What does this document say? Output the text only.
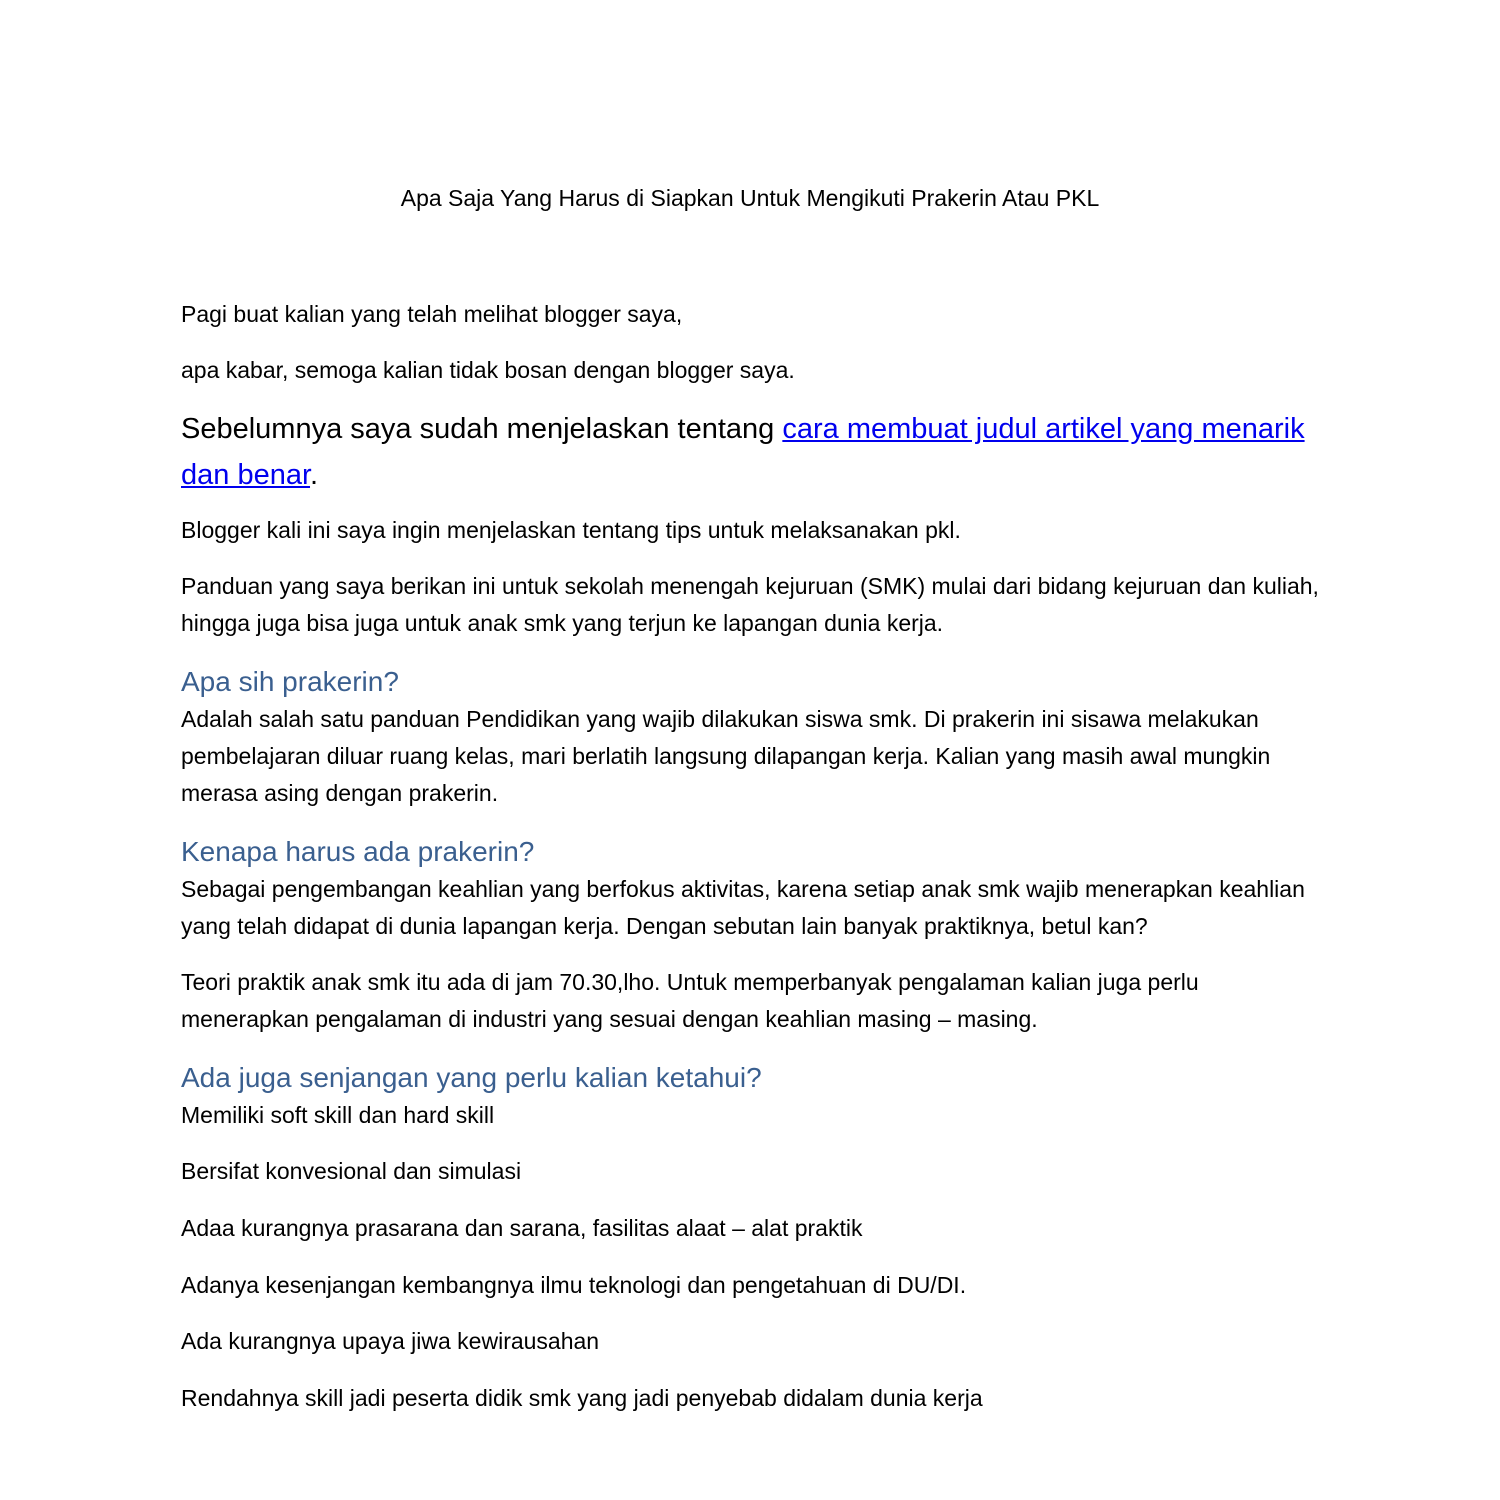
Apa Saja Yang Harus di Siapkan Untuk Mengikuti Prakerin Atau PKL

Pagi buat kalian yang telah melihat blogger saya,

apa kabar, semoga kalian tidak bosan dengan blogger saya.

Sebelumnya saya sudah menjelaskan tentang cara membuat judul artikel yang menarik dan benar.

Blogger kali ini saya ingin menjelaskan tentang tips untuk melaksanakan pkl.

Panduan yang saya berikan ini untuk sekolah menengah kejuruan (SMK) mulai dari bidang kejuruan dan kuliah, hingga juga bisa juga untuk anak smk yang terjun ke lapangan dunia kerja.

Apa sih prakerin?

Adalah salah satu panduan Pendidikan yang wajib dilakukan siswa smk. Di prakerin ini sisawa melakukan pembelajaran diluar ruang kelas, mari berlatih langsung dilapangan kerja. Kalian yang masih awal mungkin merasa asing dengan prakerin.

Kenapa harus ada prakerin?

Sebagai pengembangan keahlian yang berfokus aktivitas, karena setiap anak smk wajib menerapkan keahlian yang telah didapat di dunia lapangan kerja. Dengan sebutan lain banyak praktiknya, betul kan?

Teori praktik anak smk itu ada di jam 70.30,lho. Untuk memperbanyak pengalaman kalian juga perlu menerapkan pengalaman di industri yang sesuai dengan keahlian masing – masing.

Ada juga senjangan yang perlu kalian ketahui?

Memiliki soft skill dan hard skill

Bersifat konvesional dan simulasi

Adaa kurangnya prasarana dan sarana, fasilitas alaat – alat praktik

Adanya kesenjangan kembangnya ilmu teknologi dan pengetahuan di DU/DI.

Ada kurangnya upaya jiwa kewirausahan

Rendahnya skill jadi peserta didik smk yang jadi penyebab didalam dunia kerja
